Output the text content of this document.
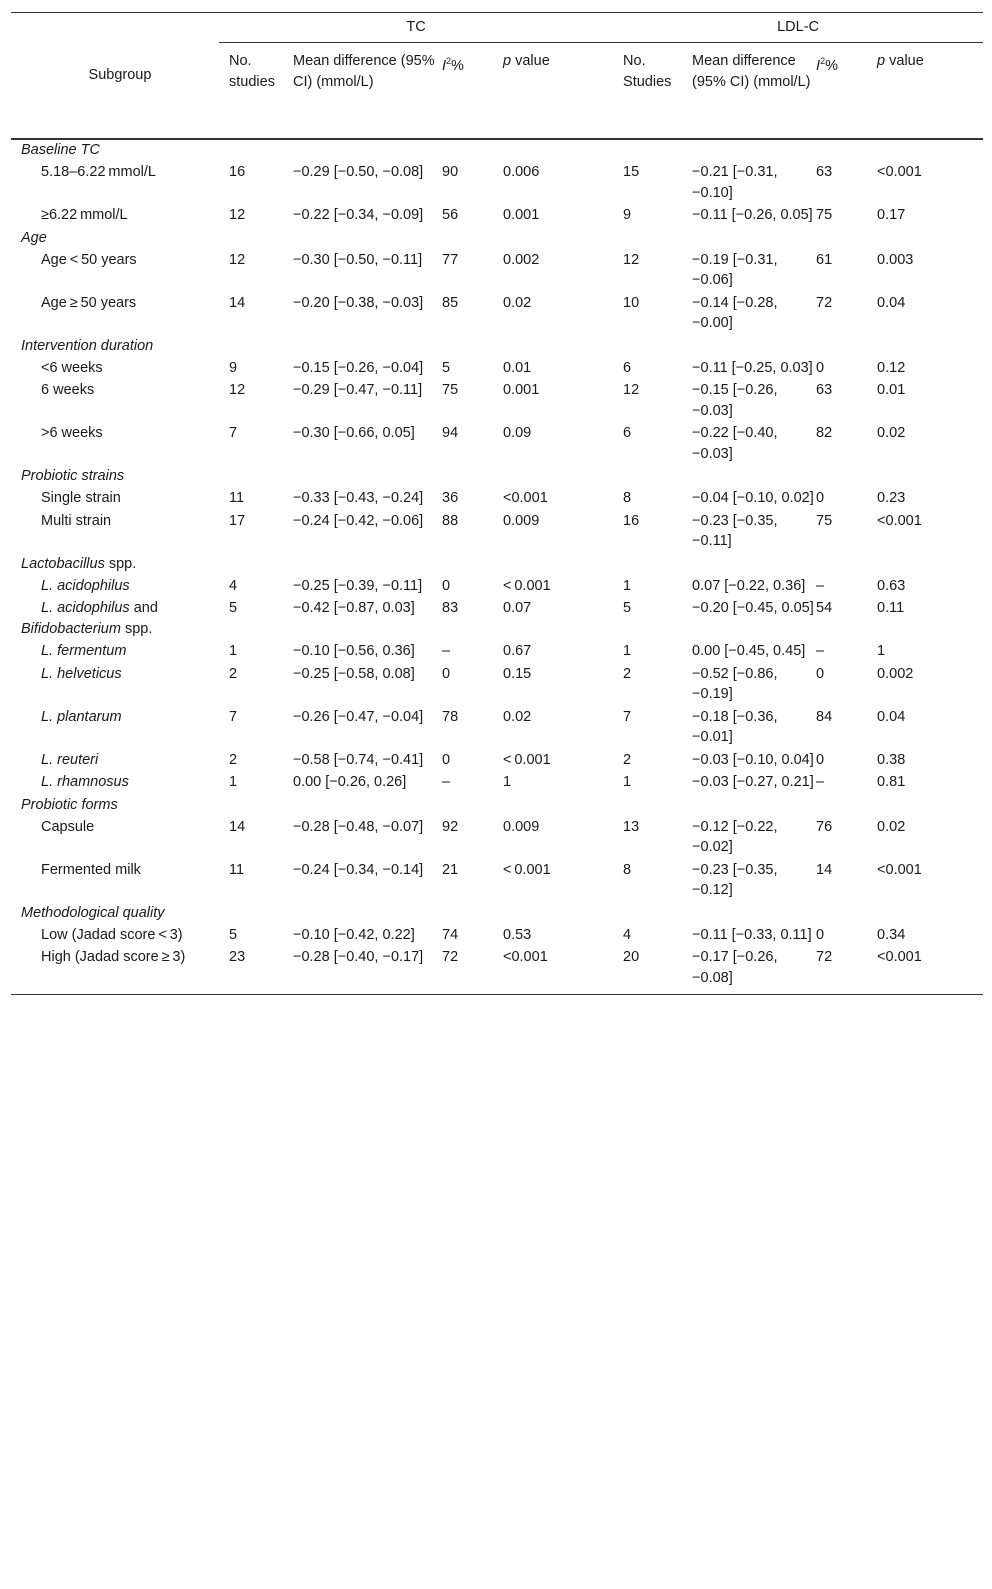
Subgroup	TC				LDL-C			
	No. studies	Mean difference (95% CI) (mmol/L)	$I^2\%$	p value	No. Studies	Mean difference (95% CI) (mmol/L)	$I^2\%$	p value
Baseline TC								
5.18–6.22 mmol/L	16	−0.29 [−0.50, −0.08]	90	0.006	15	−0.21 [−0.31, −0.10]	63	<0.001
≥6.22 mmol/L	12	−0.22 [−0.34, −0.09]	56	0.001	9	−0.11 [−0.26, 0.05]	75	0.17
Age								
Age < 50 years	12	−0.30 [−0.50, −0.11]	77	0.002	12	−0.19 [−0.31, −0.06]	61	0.003
Age ≥ 50 years	14	−0.20 [−0.38, −0.03]	85	0.02	10	−0.14 [−0.28, −0.00]	72	0.04
Intervention duration								
<6 weeks	9	−0.15 [−0.26, −0.04]	5	0.01	6	−0.11 [−0.25, 0.03]	0	0.12
6 weeks	12	−0.29 [−0.47, −0.11]	75	0.001	12	−0.15 [−0.26, −0.03]	63	0.01
>6 weeks	7	−0.30 [−0.66, 0.05]	94	0.09	6	−0.22 [−0.40, −0.03]	82	0.02
Probiotic strains								
Single strain	11	−0.33 [−0.43, −0.24]	36	<0.001	8	−0.04 [−0.10, 0.02]	0	0.23
Multi strain	17	−0.24 [−0.42, −0.06]	88	0.009	16	−0.23 [−0.35, −0.11]	75	<0.001
Lactobacillus spp.								
L. acidophilus	4	−0.25 [−0.39, −0.11]	0	< 0.001	1	0.07 [−0.22, 0.36]	–	0.63
L. acidophilus and Bifidobacterium spp.	5	−0.42 [−0.87, 0.03]	83	0.07	5	−0.20 [−0.45, 0.05]	54	0.11
L. fermentum	1	−0.10 [−0.56, 0.36]	–	0.67	1	0.00 [−0.45, 0.45]	–	1
L. helveticus	2	−0.25 [−0.58, 0.08]	0	0.15	2	−0.52 [−0.86, −0.19]	0	0.002
L. plantarum	7	−0.26 [−0.47, −0.04]	78	0.02	7	−0.18 [−0.36, −0.01]	84	0.04
L. reuteri	2	−0.58 [−0.74, −0.41]	0	< 0.001	2	−0.03 [−0.10, 0.04]	0	0.38
L. rhamnosus	1	0.00 [−0.26, 0.26]	–	1	1	−0.03 [−0.27, 0.21]	–	0.81
Probiotic forms								
Capsule	14	−0.28 [−0.48, −0.07]	92	0.009	13	−0.12 [−0.22, −0.02]	76	0.02
Fermented milk	11	−0.24 [−0.34, −0.14]	21	< 0.001	8	−0.23 [−0.35, −0.12]	14	<0.001
Methodological quality								
Low (Jadad score < 3)	5	−0.10 [−0.42, 0.22]	74	0.53	4	−0.11 [−0.33, 0.11]	0	0.34
High (Jadad score ≥ 3)	23	−0.28 [−0.40, −0.17]	72	<0.001	20	−0.17 [−0.26, −0.08]	72	<0.001
